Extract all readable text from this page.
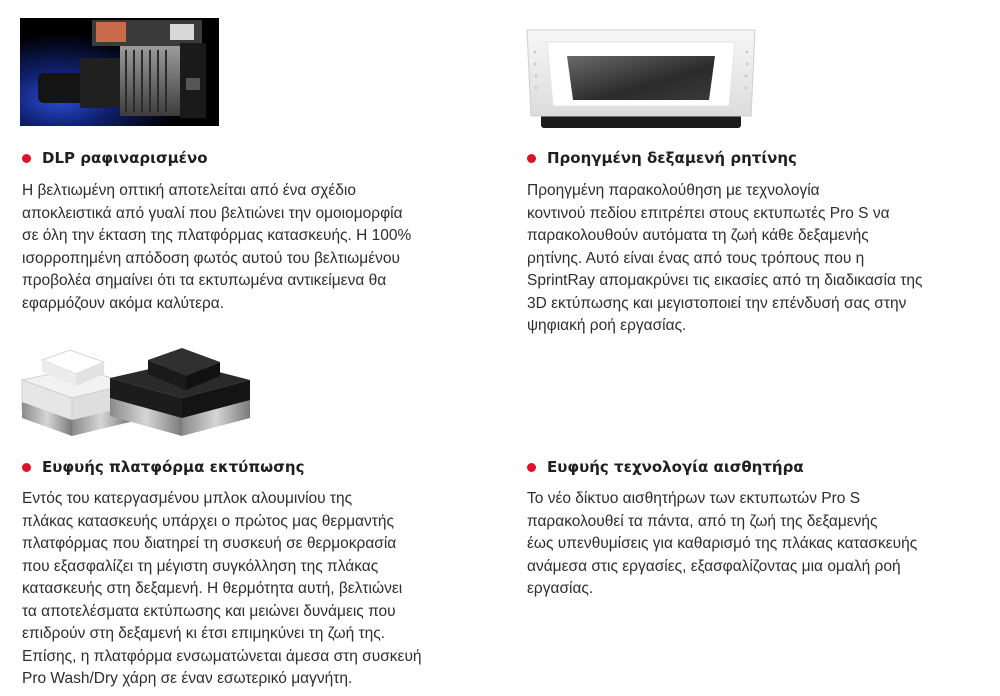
DLP ραφιναρισμένο

Η βελτιωμένη οπτική αποτελείται από ένα σχέδιο
αποκλειστικά από γυαλί που βελτιώνει την ομοιομορφία
σε όλη την έκταση της πλατφόρμας κατασκευής. Η 100%
ισορροπημένη απόδοση φωτός αυτού του βελτιωμένου
προβολέα σημαίνει ότι τα εκτυπωμένα αντικείμενα θα
εφαρμόζουν ακόμα καλύτερα.

Προηγμένη δεξαμενή ρητίνης

Προηγμένη παρακολούθηση με τεχνολογία
κοντινού πεδίου επιτρέπει στους εκτυπωτές Pro S να
παρακολουθούν αυτόματα τη ζωή κάθε δεξαμενής
ρητίνης. Αυτό είναι ένας από τους τρόπους που η
SprintRay απομακρύνει τις εικασίες από τη διαδικασία της
3D εκτύπωσης και μεγιστοποιεί την επένδυσή σας στην
ψηφιακή ροή εργασίας.

Ευφυής πλατφόρμα εκτύπωσης

Εντός του κατεργασμένου μπλοκ αλουμινίου της
πλάκας κατασκευής υπάρχει ο πρώτος μας θερμαντής
πλατφόρμας που διατηρεί τη συσκευή σε θερμοκρασία
που εξασφαλίζει τη μέγιστη συγκόλληση της πλάκας
κατασκευής στη δεξαμενή. Η θερμότητα αυτή, βελτιώνει
τα αποτελέσματα εκτύπωσης και μειώνει δυνάμεις που
επιδρούν στη δεξαμενή κι έτσι επιμηκύνει τη ζωή της.
Επίσης, η πλατφόρμα ενσωματώνεται άμεσα στη συσκευή
Pro Wash/Dry χάρη σε έναν εσωτερικό μαγνήτη.

Ευφυής τεχνολογία αισθητήρα

Το νέο δίκτυο αισθητήρων των εκτυπωτών Pro S
παρακολουθεί τα πάντα, από τη ζωή της δεξαμενής
έως υπενθυμίσεις για καθαρισμό της πλάκας κατασκευής
ανάμεσα στις εργασίες, εξασφαλίζοντας μια ομαλή ροή
εργασίας.
